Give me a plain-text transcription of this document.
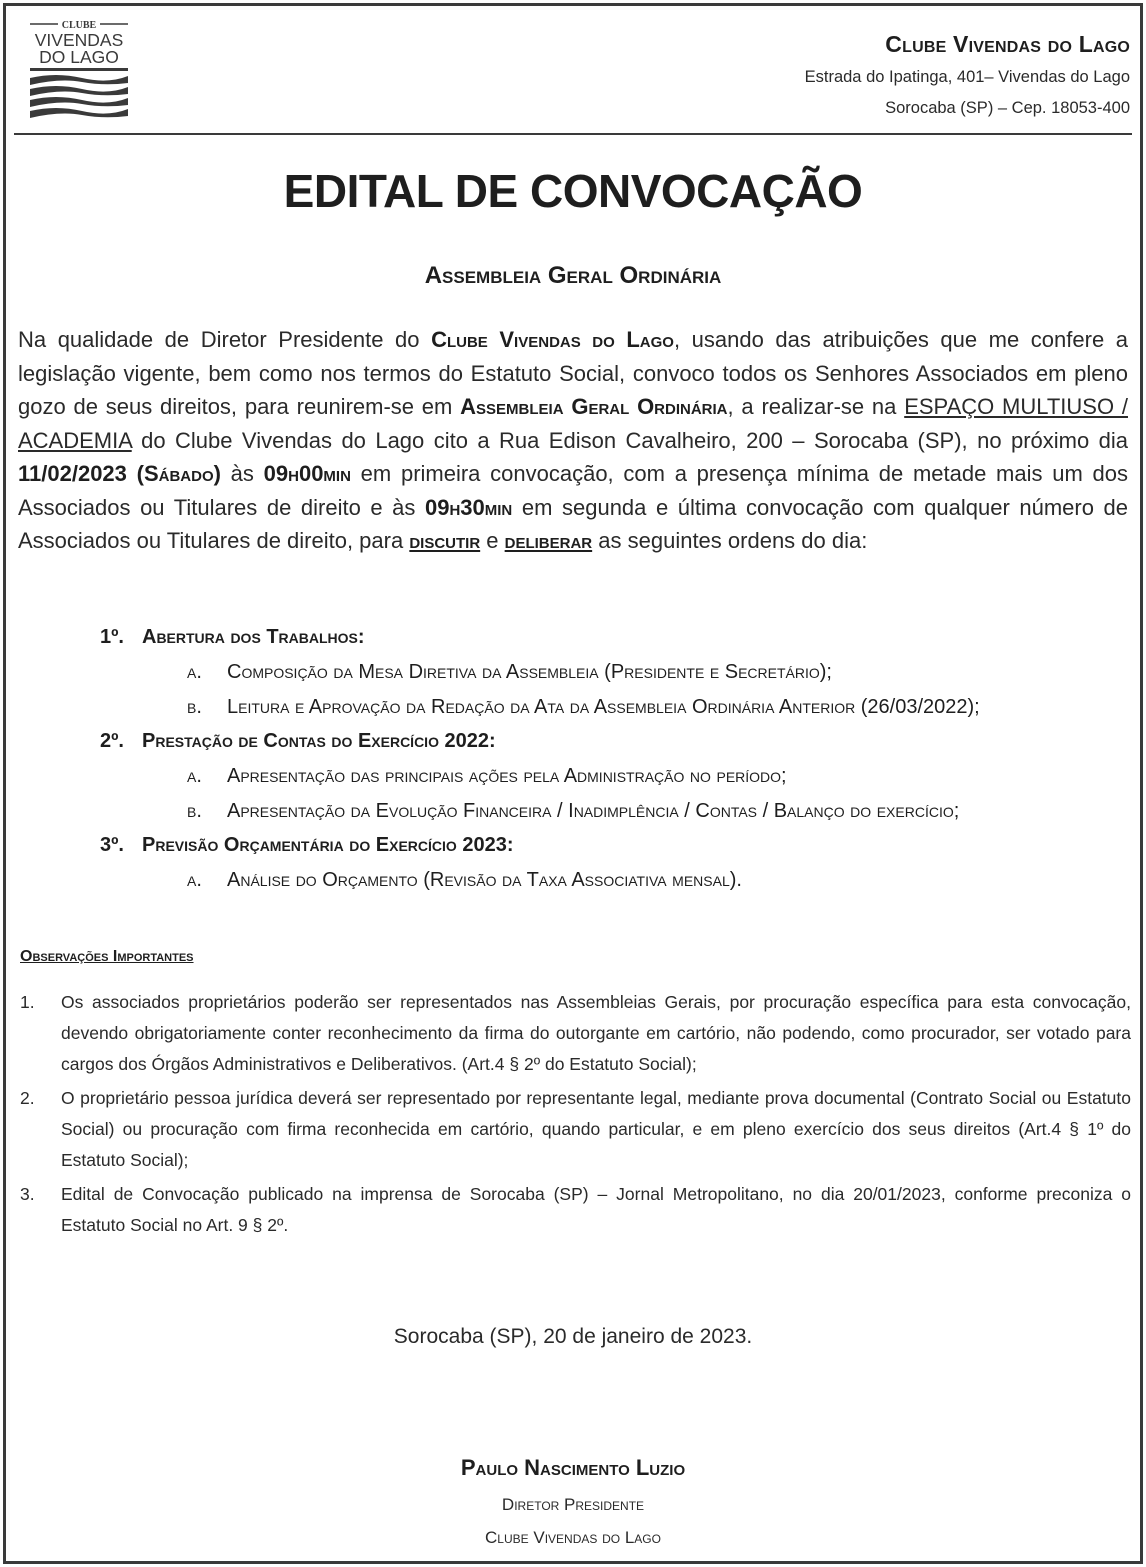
CLUBE
VIVENDAS
DO LAGO	Clube Vivendas do Lago
Estrada do Ipatinga, 401– Vivendas do Lago
Sorocaba (SP) – Cep. 18053-400
EDITAL DE CONVOCAÇÃO
Assembleia Geral Ordinária
Na qualidade de Diretor Presidente do Clube Vivendas do Lago, usando das atribuições que me confere a legislação vigente, bem como nos termos do Estatuto Social, convoco todos os Senhores Associados em pleno gozo de seus direitos, para reunirem-se em Assembleia Geral Ordinária, a realizar-se na ESPAÇO MULTIUSO / ACADEMIA do Clube Vivendas do Lago cito a Rua Edison Cavalheiro, 200 – Sorocaba (SP), no próximo dia 11/02/2023 (Sábado) às 09h00min em primeira convocação, com a presença mínima de metade mais um dos Associados ou Titulares de direito e às 09h30min em segunda e última convocação com qualquer número de Associados ou Titulares de direito, para discutir e deliberar as seguintes ordens do dia:
1º. Abertura dos Trabalhos:
a. Composição da Mesa Diretiva da Assembleia (Presidente e Secretário);
b. Leitura e Aprovação da Redação da Ata da Assembleia Ordinária Anterior (26/03/2022);
2º. Prestação de Contas do Exercício 2022:
a. Apresentação das principais ações pela Administração no período;
b. Apresentação da Evolução Financeira / Inadimplência / Contas / Balanço do exercício;
3º. Previsão Orçamentária do Exercício 2023:
a. Análise do Orçamento (Revisão da Taxa Associativa mensal).
Observações Importantes
1.	Os associados proprietários poderão ser representados nas Assembleias Gerais, por procuração específica para esta convocação, devendo obrigatoriamente conter reconhecimento da firma do outorgante em cartório, não podendo, como procurador, ser votado para cargos dos Órgãos Administrativos e Deliberativos. (Art.4 § 2º do Estatuto Social);
2.	O proprietário pessoa jurídica deverá ser representado por representante legal, mediante prova documental (Contrato Social ou Estatuto Social) ou procuração com firma reconhecida em cartório, quando particular, e em pleno exercício dos seus direitos (Art.4 § 1º do Estatuto Social);
3.	Edital de Convocação publicado na imprensa de Sorocaba (SP) – Jornal Metropolitano, no dia 20/01/2023, conforme preconiza o Estatuto Social no Art. 9 § 2º.
Sorocaba (SP), 20 de janeiro de 2023.
Paulo Nascimento Luzio
Diretor Presidente
Clube Vivendas do Lago
